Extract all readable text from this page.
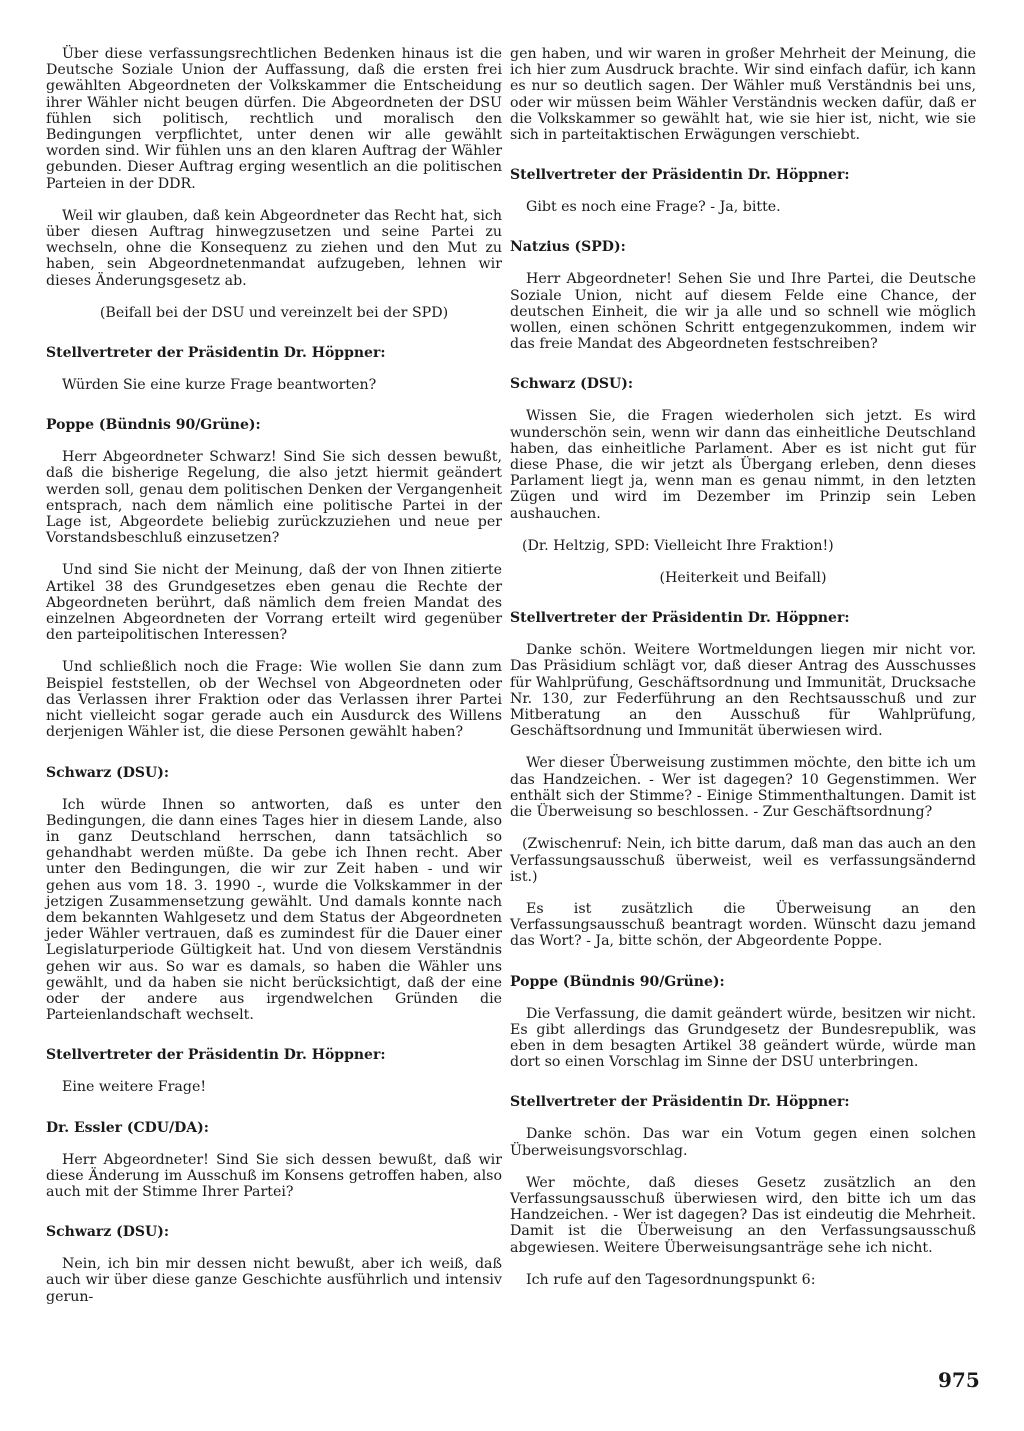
Über diese verfassungsrechtlichen Bedenken hinaus ist die Deutsche Soziale Union der Auffassung, daß die ersten frei gewählten Abgeordneten der Volkskammer die Entscheidung ihrer Wähler nicht beugen dürfen. Die Abgeordneten der DSU fühlen sich politisch, rechtlich und moralisch den Bedingungen verpflichtet, unter denen wir alle gewählt worden sind. Wir fühlen uns an den klaren Auftrag der Wähler gebunden. Dieser Auftrag erging wesentlich an die politischen Parteien in der DDR.

Weil wir glauben, daß kein Abgeordneter das Recht hat, sich über diesen Auftrag hinwegzusetzen und seine Partei zu wechseln, ohne die Konsequenz zu ziehen und den Mut zu haben, sein Abgeordnetenmandat aufzugeben, lehnen wir dieses Änderungsgesetz ab.

(Beifall bei der DSU und vereinzelt bei der SPD)

Stellvertreter der Präsidentin Dr. Höppner:

Würden Sie eine kurze Frage beantworten?

Poppe (Bündnis 90/Grüne):

Herr Abgeordneter Schwarz! Sind Sie sich dessen bewußt, daß die bisherige Regelung, die also jetzt hiermit geändert werden soll, genau dem politischen Denken der Vergangenheit entsprach, nach dem nämlich eine politische Partei in der Lage ist, Abgeordete beliebig zurückzuziehen und neue per Vorstandsbeschluß einzusetzen?

Und sind Sie nicht der Meinung, daß der von Ihnen zitierte Artikel 38 des Grundgesetzes eben genau die Rechte der Abgeordneten berührt, daß nämlich dem freien Mandat des einzelnen Abgeordneten der Vorrang erteilt wird gegenüber den parteipolitischen Interessen?

Und schließlich noch die Frage: Wie wollen Sie dann zum Beispiel feststellen, ob der Wechsel von Abgeordneten oder das Verlassen ihrer Fraktion oder das Verlassen ihrer Partei nicht vielleicht sogar gerade auch ein Ausdurck des Willens derjenigen Wähler ist, die diese Personen gewählt haben?

Schwarz (DSU):

Ich würde Ihnen so antworten, daß es unter den Bedingungen, die dann eines Tages hier in diesem Lande, also in ganz Deutschland herrschen, dann tatsächlich so gehandhabt werden müßte. Da gebe ich Ihnen recht. Aber unter den Bedingungen, die wir zur Zeit haben - und wir gehen aus vom 18. 3. 1990 -, wurde die Volkskammer in der jetzigen Zusammensetzung gewählt. Und damals konnte nach dem bekannten Wahlgesetz und dem Status der Abgeordneten jeder Wähler vertrauen, daß es zumindest für die Dauer einer Legislaturperiode Gültigkeit hat. Und von diesem Verständnis gehen wir aus. So war es damals, so haben die Wähler uns gewählt, und da haben sie nicht berücksichtigt, daß der eine oder der andere aus irgendwelchen Gründen die Parteienlandschaft wechselt.

Stellvertreter der Präsidentin Dr. Höppner:

Eine weitere Frage!

Dr. Essler (CDU/DA):

Herr Abgeordneter! Sind Sie sich dessen bewußt, daß wir diese Änderung im Ausschuß im Konsens getroffen haben, also auch mit der Stimme Ihrer Partei?

Schwarz (DSU):

Nein, ich bin mir dessen nicht bewußt, aber ich weiß, daß auch wir über diese ganze Geschichte ausführlich und intensiv gerun-

gen haben, und wir waren in großer Mehrheit der Meinung, die ich hier zum Ausdruck brachte. Wir sind einfach dafür, ich kann es nur so deutlich sagen. Der Wähler muß Verständnis bei uns, oder wir müssen beim Wähler Verständnis wecken dafür, daß er die Volkskammer so gewählt hat, wie sie hier ist, nicht, wie sie sich in parteitaktischen Erwägungen verschiebt.

Stellvertreter der Präsidentin Dr. Höppner:

Gibt es noch eine Frage? - Ja, bitte.

Natzius (SPD):

Herr Abgeordneter! Sehen Sie und Ihre Partei, die Deutsche Soziale Union, nicht auf diesem Felde eine Chance, der deutschen Einheit, die wir ja alle und so schnell wie möglich wollen, einen schönen Schritt entgegenzukommen, indem wir das freie Mandat des Abgeordneten festschreiben?

Schwarz (DSU):

Wissen Sie, die Fragen wiederholen sich jetzt. Es wird wunderschön sein, wenn wir dann das einheitliche Deutschland haben, das einheitliche Parlament. Aber es ist nicht gut für diese Phase, die wir jetzt als Übergang erleben, denn dieses Parlament liegt ja, wenn man es genau nimmt, in den letzten Zügen und wird im Dezember im Prinzip sein Leben aushauchen.

(Dr. Heltzig, SPD: Vielleicht Ihre Fraktion!)

(Heiterkeit und Beifall)

Stellvertreter der Präsidentin Dr. Höppner:

Danke schön. Weitere Wortmeldungen liegen mir nicht vor. Das Präsidium schlägt vor, daß dieser Antrag des Ausschusses für Wahlprüfung, Geschäftsordnung und Immunität, Drucksache Nr. 130, zur Federführung an den Rechtsausschuß und zur Mitberatung an den Ausschuß für Wahlprüfung, Geschäftsordnung und Immunität überwiesen wird.

Wer dieser Überweisung zustimmen möchte, den bitte ich um das Handzeichen. - Wer ist dagegen? 10 Gegenstimmen. Wer enthält sich der Stimme? - Einige Stimmenthaltungen. Damit ist die Überweisung so beschlossen. - Zur Geschäftsordnung?

(Zwischenruf: Nein, ich bitte darum, daß man das auch an den Verfassungsausschuß überweist, weil es verfassungsändernd ist.)

Es ist zusätzlich die Überweisung an den Verfassungsausschuß beantragt worden. Wünscht dazu jemand das Wort? - Ja, bitte schön, der Abgeordente Poppe.

Poppe (Bündnis 90/Grüne):

Die Verfassung, die damit geändert würde, besitzen wir nicht. Es gibt allerdings das Grundgesetz der Bundesrepublik, was eben in dem besagten Artikel 38 geändert würde, würde man dort so einen Vorschlag im Sinne der DSU unterbringen.

Stellvertreter der Präsidentin Dr. Höppner:

Danke schön. Das war ein Votum gegen einen solchen Überweisungsvorschlag.

Wer möchte, daß dieses Gesetz zusätzlich an den Verfassungsausschuß überwiesen wird, den bitte ich um das Handzeichen. - Wer ist dagegen? Das ist eindeutig die Mehrheit. Damit ist die Überweisung an den Verfassungsausschuß abgewiesen. Weitere Überweisungsanträge sehe ich nicht.

Ich rufe auf den Tagesordnungspunkt 6:

975
